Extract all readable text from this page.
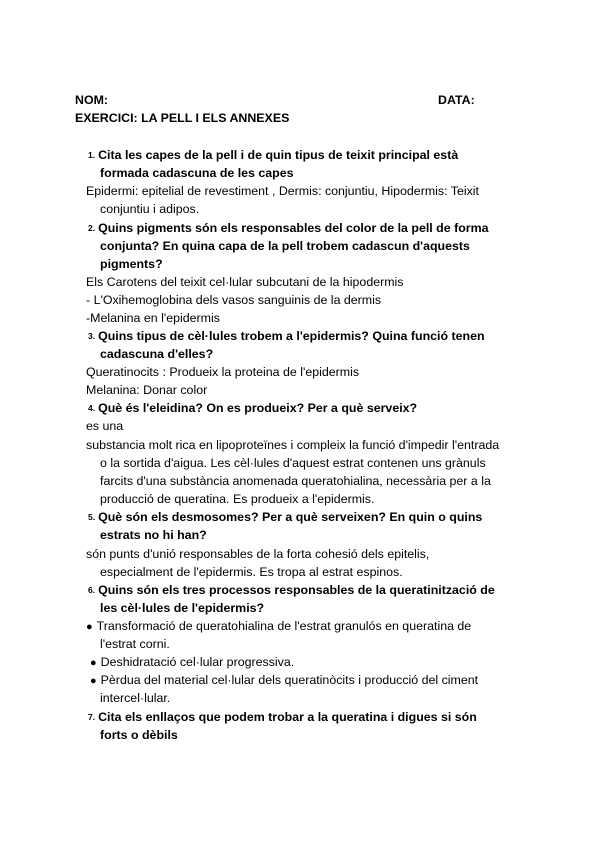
NOM:	DATA:
EXERCICI: LA PELL I ELS ANNEXES
1. Cita les capes de la pell i de quin tipus de teixit principal està
formada cadascuna de les capes
Epidermi: epitelial de revestiment , Dermis: conjuntiu, Hipodermis: Teixit
conjuntiu i adipos.
2. Quins pigments són els responsables del color de la pell de forma
conjunta? En quina capa de la pell trobem cadascun d'aquests
pigments?
Els Carotens del teixit cel·lular subcutani de la hipodermis
- L'Oxihemoglobina dels vasos sanguinis de la dermis
-Melanina en l'epidermis
3. Quins tipus de cèl·lules trobem a l'epidermis? Quina funció tenen
cadascuna d'elles?
Queratinocits : Produeix la proteina de l'epidermis
Melanina: Donar color
4. Què és l'eleidina? On es produeix? Per a què serveix?
es una
substancia molt rica en lipoproteïnes i compleix la funció d'impedir l'entrada
o la sortida d'aigua. Les cèl·lules d'aquest estrat contenen uns grànuls
farcits d'una substància anomenada queratohialina, necessària per a la
producció de queratina. Es produeix a l'epidermis.
5. Què són els desmosomes? Per a què serveixen? En quin o quins
estrats no hi han?
són punts d'unió responsables de la forta cohesió dels epitelis,
especialment de l'epidermis. Es tropa al estrat espinos.
6. Quins són els tres processos responsables de la queratinització de
les cèl·lules de l'epidermis?
● Transformació de queratohialina de l'estrat granulós en queratina de
l'estrat corni.
● Deshidratació cel·lular progressiva.
● Pèrdua del material cel·lular dels queratinòcits i producció del ciment
intercel·lular.
7. Cita els enllaços que podem trobar a la queratina i digues si són
forts o dèbils
